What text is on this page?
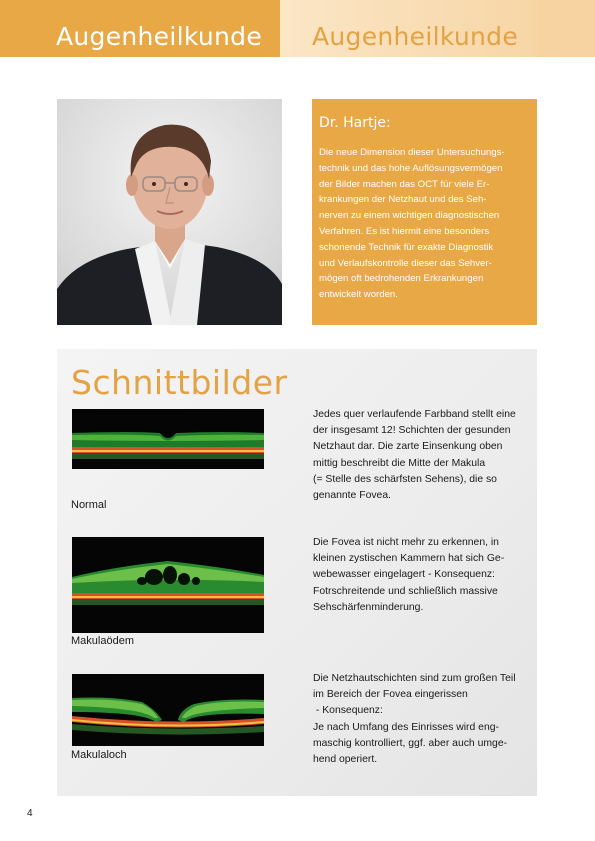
Augenheilkunde Augenheilkunde
Dr. Hartje:
Die neue Dimension dieser Untersuchungs-
technik und das hohe Auflösungsvermögen
der Bilder machen das OCT für viele Er-
krankungen der Netzhaut und des Seh-
nerven zu einem wichtigen diagnostischen
Verfahren. Es ist hiermit eine besonders
schonende Technik für exakte Diagnostik
und Verlaufskontrolle dieser das Sehver-
mögen oft bedrohenden Erkrankungen
entwickelt worden.
Schnittbilder
Normal
Makulaödem
Makulaloch
Jedes quer verlaufende Farbband stellt eine
der insgesamt 12! Schichten der gesunden
Netzhaut dar. Die zarte Einsenkung oben
mittig beschreibt die Mitte der Makula
(= Stelle des schärfsten Sehens), die so
genannte Fovea.
Die Fovea ist nicht mehr zu erkennen, in
kleinen zystischen Kammern hat sich Ge-
webewasser eingelagert - Konsequenz:
Fotrschreitende und schließlich massive
Sehschärfenminderung.
Die Netzhautschichten sind zum großen Teil
im Bereich der Fovea eingerissen
- Konsequenz:
Je nach Umfang des Einrisses wird eng-
maschig kontrolliert, ggf. aber auch umge-
hend operiert.
4
